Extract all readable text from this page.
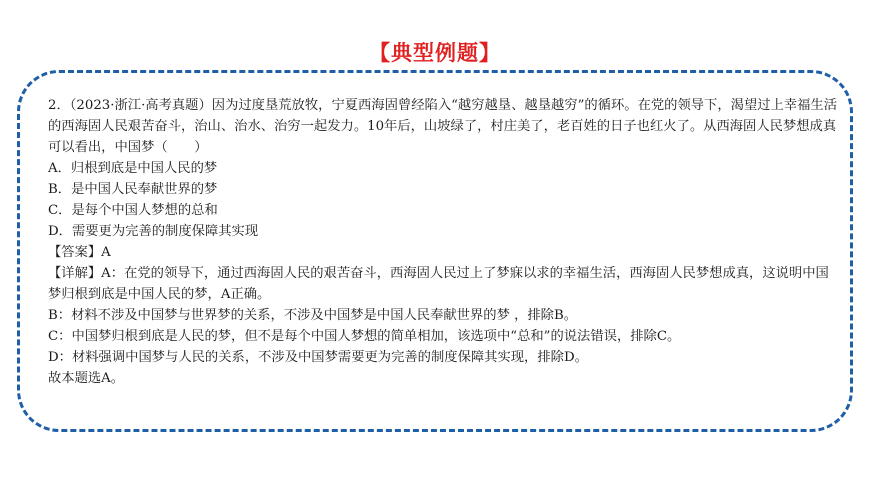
【典型例题】
2．（2023·浙江·高考真题）因为过度垦荒放牧，宁夏西海固曾经陷入“越穷越垦、越垦越穷”的循环。在党的领导下，渴望过上幸福生活的西海固人民艰苦奋斗，治山、治水、治穷一起发力。10年后，山坡绿了，村庄美了，老百姓的日子也红火了。从西海固人民梦想成真可以看出，中国梦（　　）
A．归根到底是中国人民的梦
B．是中国人民奉献世界的梦
C．是每个中国人梦想的总和
D．需要更为完善的制度保障其实现
【答案】A
【详解】A：在党的领导下，通过西海固人民的艰苦奋斗，西海固人民过上了梦寐以求的幸福生活，西海固人民梦想成真，这说明中国梦归根到底是中国人民的梦，A正确。
B：材料不涉及中国梦与世界梦的关系，不涉及中国梦是中国人民奉献世界的梦 ，排除B。
C：中国梦归根到底是人民的梦，但不是每个中国人梦想的简单相加，该选项中“总和”的说法错误，排除C。
D：材料强调中国梦与人民的关系，不涉及中国梦需要更为完善的制度保障其实现，排除D。
故本题选A。
